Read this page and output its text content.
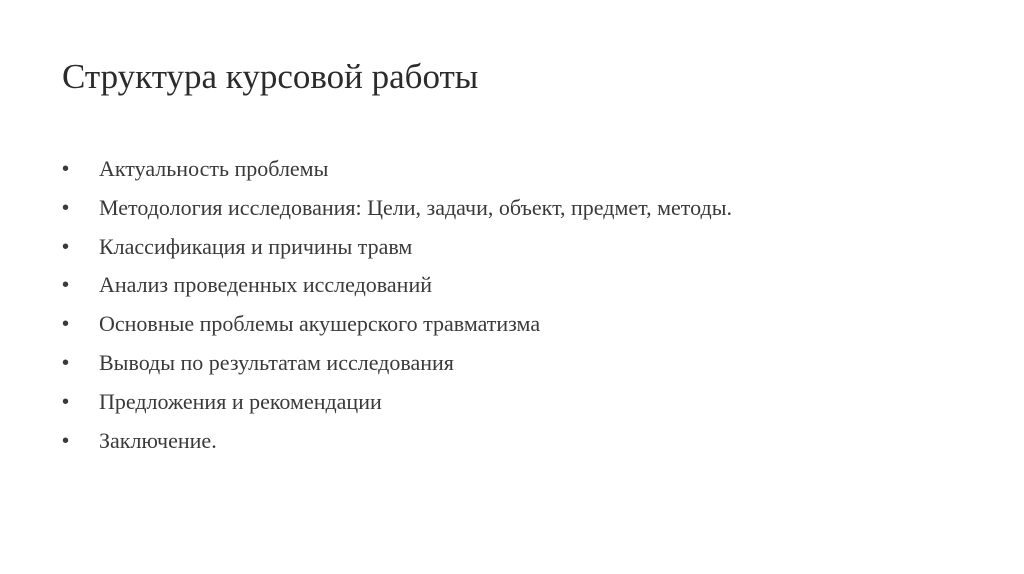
Структура курсовой работы
• Актуальность проблемы
• Методология исследования: Цели, задачи, объект, предмет, методы.
• Классификация и причины травм
• Анализ проведенных исследований
• Основные проблемы акушерского травматизма
• Выводы по результатам исследования
• Предложения и рекомендации
• Заключение.
